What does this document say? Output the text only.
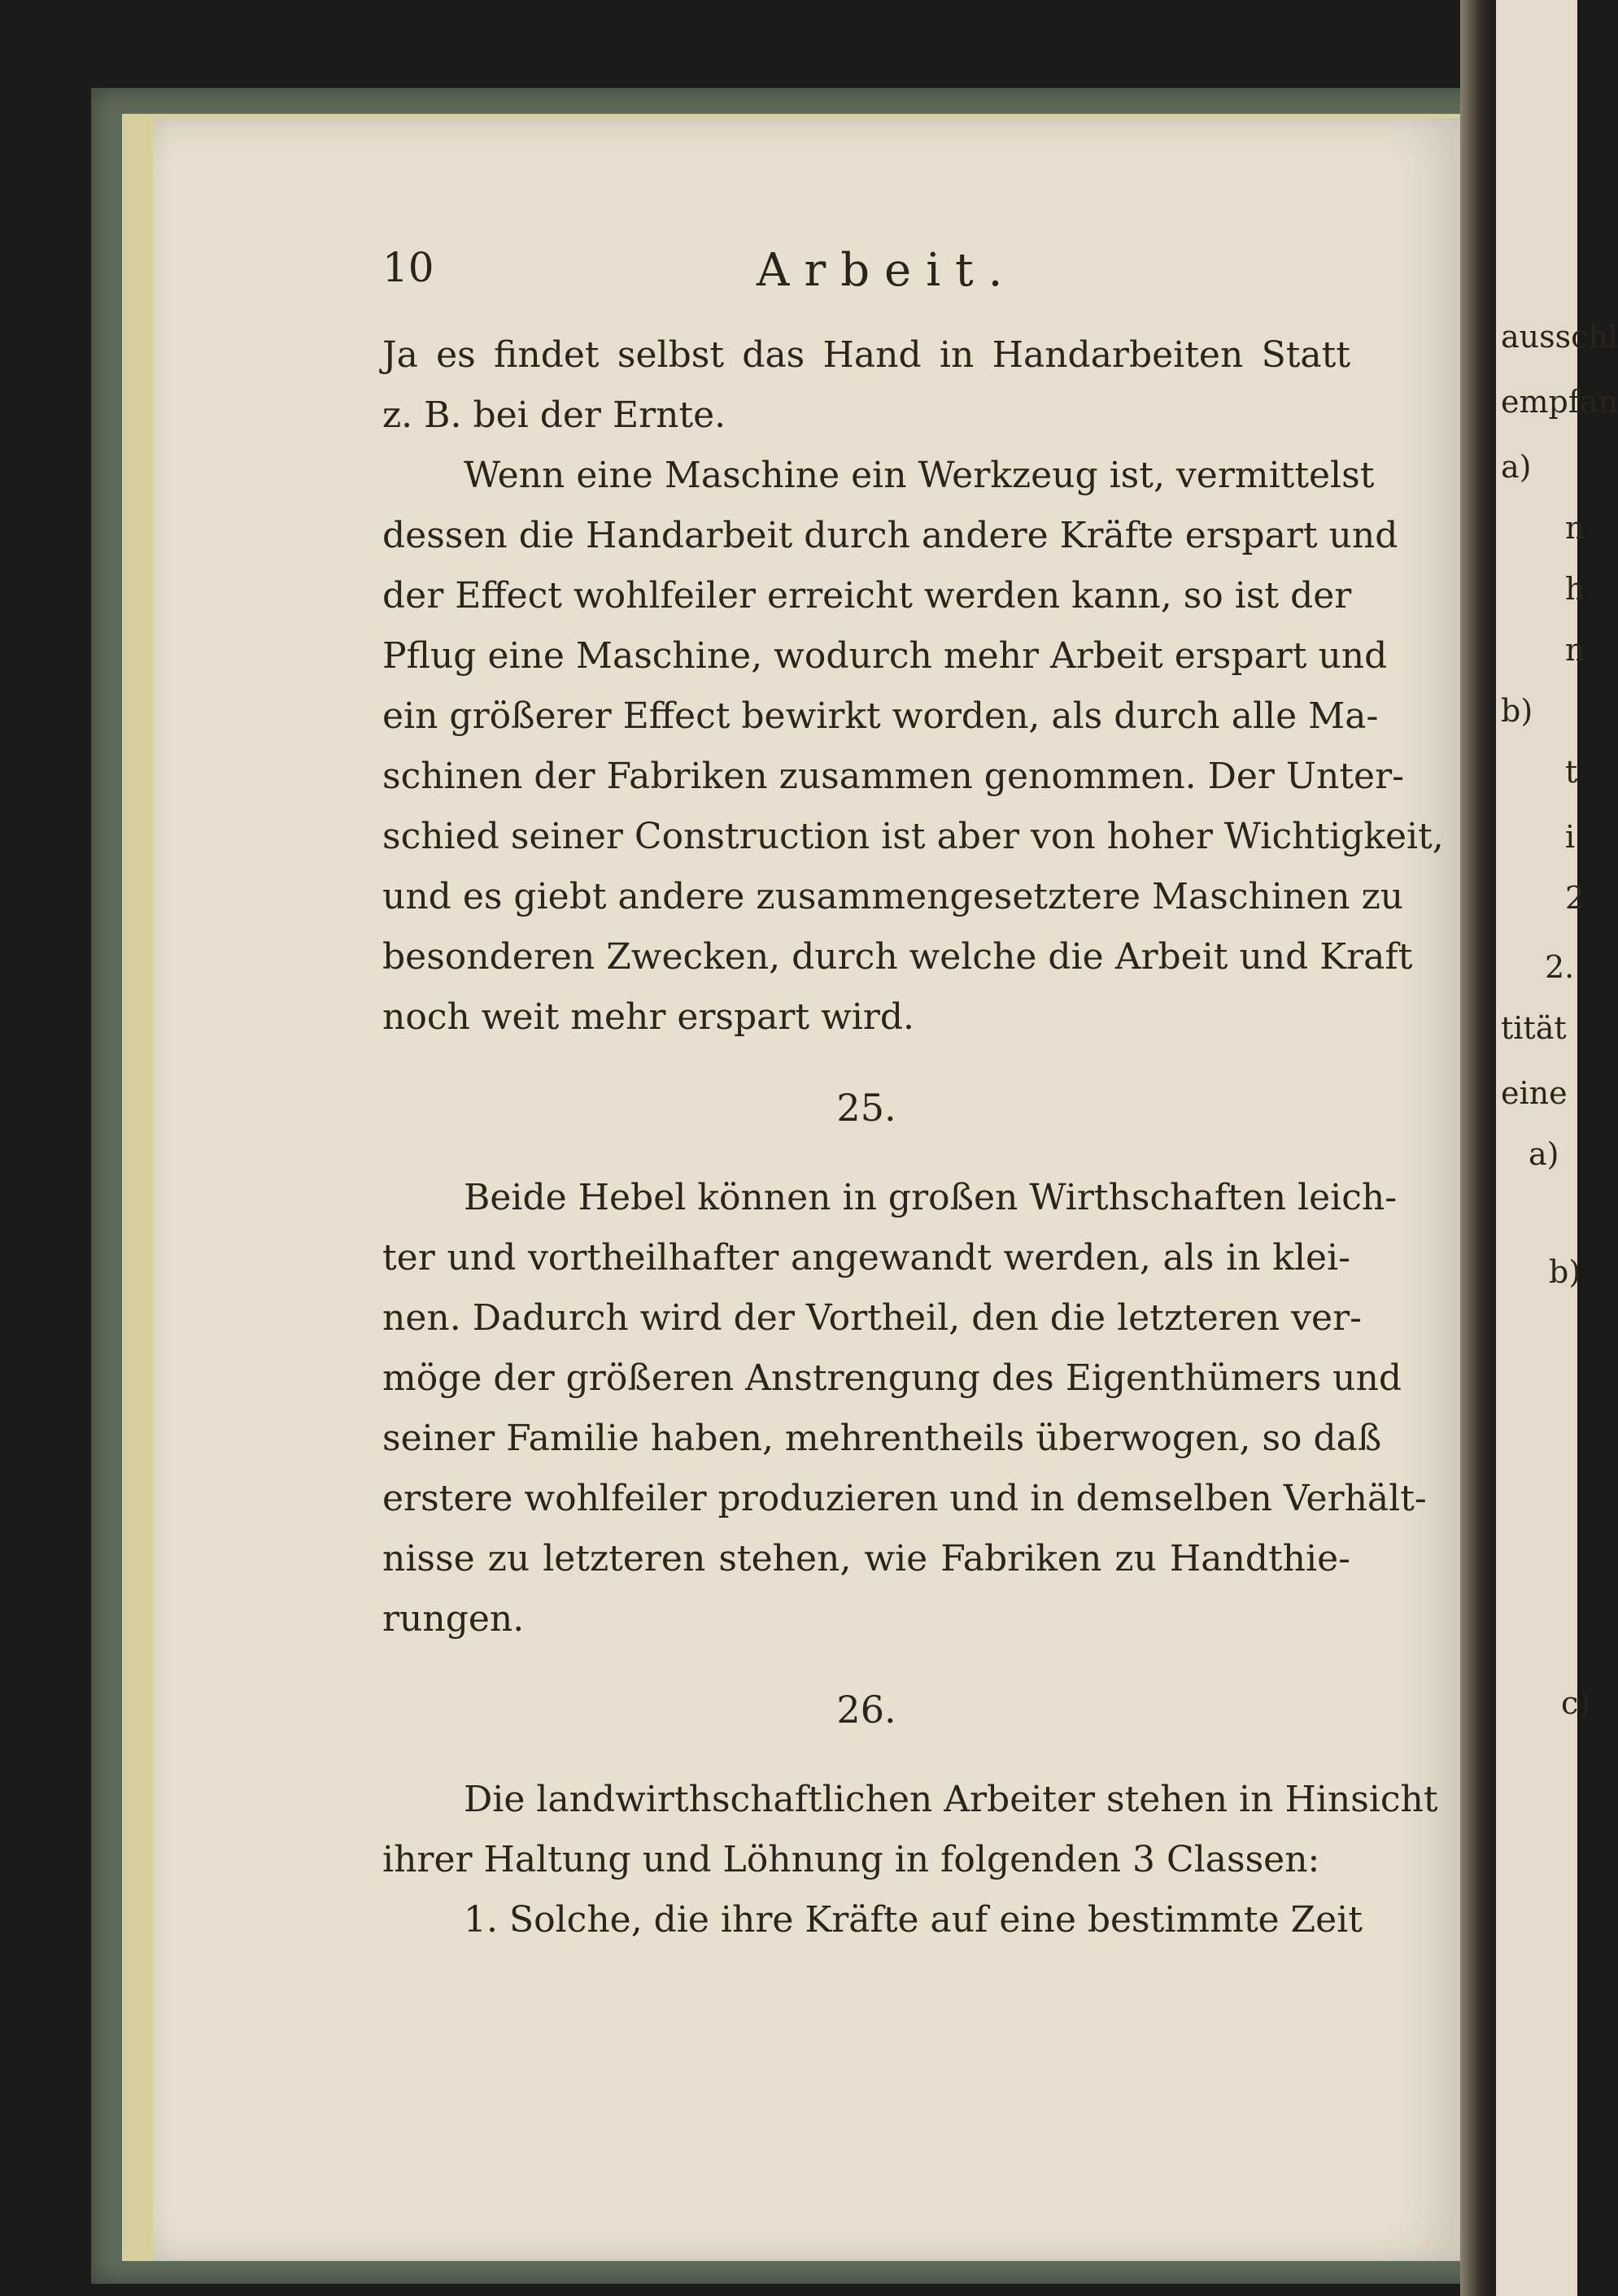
ausschl
empfan
a)
n
h
n
b)
t
i
2
2.
tität
eine
a)
b)
c)
10	Arbeit.
Ja es findet selbst das Hand in Handarbeiten Statt
z. B. bei der Ernte.
Wenn eine Maschine ein Werkzeug ist, vermittelst
dessen die Handarbeit durch andere Kräfte erspart und
der Effect wohlfeiler erreicht werden kann, so ist der
Pflug eine Maschine, wodurch mehr Arbeit erspart und
ein größerer Effect bewirkt worden, als durch alle Ma-
schinen der Fabriken zusammen genommen. Der Unter-
schied seiner Construction ist aber von hoher Wichtigkeit,
und es giebt andere zusammengesetztere Maschinen zu
besonderen Zwecken, durch welche die Arbeit und Kraft
noch weit mehr erspart wird.
25.
Beide Hebel können in großen Wirthschaften leich-
ter und vortheilhafter angewandt werden, als in klei-
nen. Dadurch wird der Vortheil, den die letzteren ver-
möge der größeren Anstrengung des Eigenthümers und
seiner Familie haben, mehrentheils überwogen, so daß
erstere wohlfeiler produzieren und in demselben Verhält-
nisse zu letzteren stehen, wie Fabriken zu Handthie-
rungen.
26.
Die landwirthschaftlichen Arbeiter stehen in Hinsicht
ihrer Haltung und Löhnung in folgenden 3 Classen:
1. Solche, die ihre Kräfte auf eine bestimmte Zeit
